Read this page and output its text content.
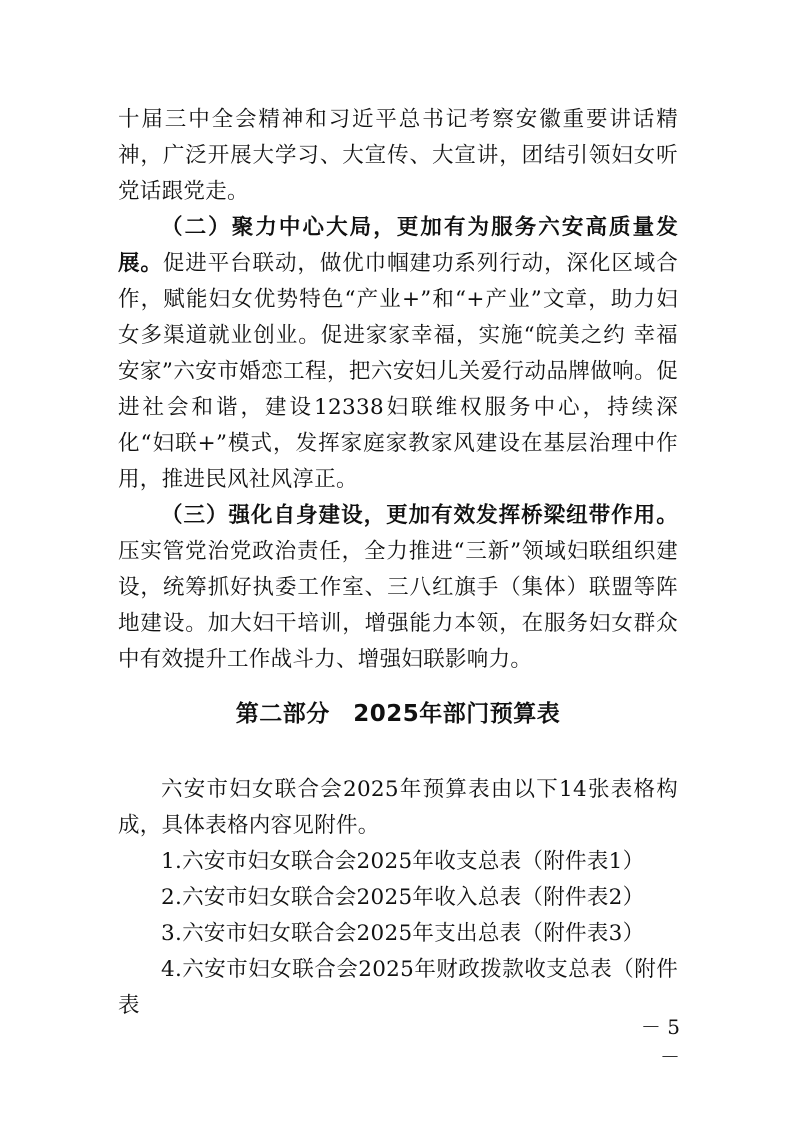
十届三中全会精神和习近平总书记考察安徽重要讲话精神，广泛开展大学习、大宣传、大宣讲，团结引领妇女听党话跟党走。

（二）聚力中心大局，更加有为服务六安高质量发展。促进平台联动，做优巾帼建功系列行动，深化区域合作，赋能妇女优势特色“产业+”和“+产业”文章，助力妇女多渠道就业创业。促进家家幸福，实施“皖美之约 幸福安家”六安市婚恋工程，把六安妇儿关爱行动品牌做响。促进社会和谐，建设12338妇联维权服务中心，持续深化“妇联+”模式，发挥家庭家教家风建设在基层治理中作用，推进民风社风淳正。

（三）强化自身建设，更加有效发挥桥梁纽带作用。压实管党治党政治责任，全力推进“三新”领域妇联组织建设，统筹抓好执委工作室、三八红旗手（集体）联盟等阵地建设。加大妇干培训，增强能力本领，在服务妇女群众中有效提升工作战斗力、增强妇联影响力。

第二部分　2025年部门预算表

六安市妇女联合会2025年预算表由以下14张表格构成，具体表格内容见附件。

1.六安市妇女联合会2025年收支总表（附件表1）

2.六安市妇女联合会2025年收入总表（附件表2）

3.六安市妇女联合会2025年支出总表（附件表3）

4.六安市妇女联合会2025年财政拨款收支总表（附件表

－ 5 －
